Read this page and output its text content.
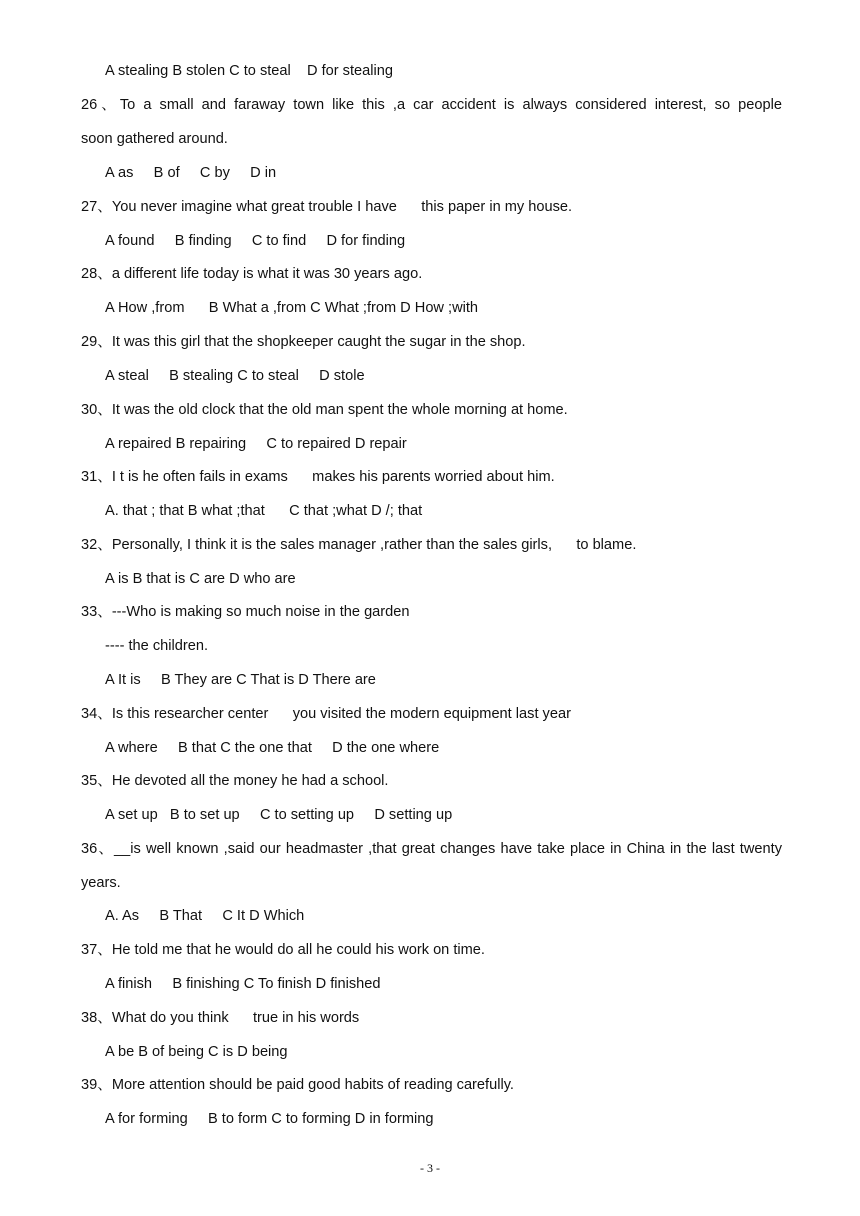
A stealing B stolen C to steal    D for stealing
26、To a small and faraway town like this ,a car accident is always considered interest, so people
soon gathered around.
A as     B of     C by     D in
27、You never imagine what great trouble I have      this paper in my house.
A found     B finding     C to find     D for finding
28、a different life today is what it was 30 years ago.
A How ,from      B What a ,from C What ;from D How ;with
29、It was this girl that the shopkeeper caught the sugar in the shop.
A steal     B stealing C to steal     D stole
30、It was the old clock that the old man spent the whole morning at home.
A repaired B repairing     C to repaired D repair
31、I t is he often fails in exams      makes his parents worried about him.
A. that ; that B what ;that      C that ;what D /; that
32、Personally, I think it is the sales manager ,rather than the sales girls,      to blame.
A is B that is C are D who are
33、---Who is making so much noise in the garden
---- the children.
A It is     B They are C That is D There are
34、Is this researcher center      you visited the modern equipment last year
A where     B that C the one that     D the one where
35、He devoted all the money he had a school.
A set up   B to set up     C to setting up     D setting up
36、__is well known ,said our headmaster ,that great changes have take place in China in the last twenty
years.
A. As     B That     C It D Which
37、He told me that he would do all he could his work on time.
A finish     B finishing C To finish D finished
38、What do you think      true in his words
A be B of being C is D being
39、More attention should be paid good habits of reading carefully.
A for forming     B to form C to forming D in forming
- 3 -
